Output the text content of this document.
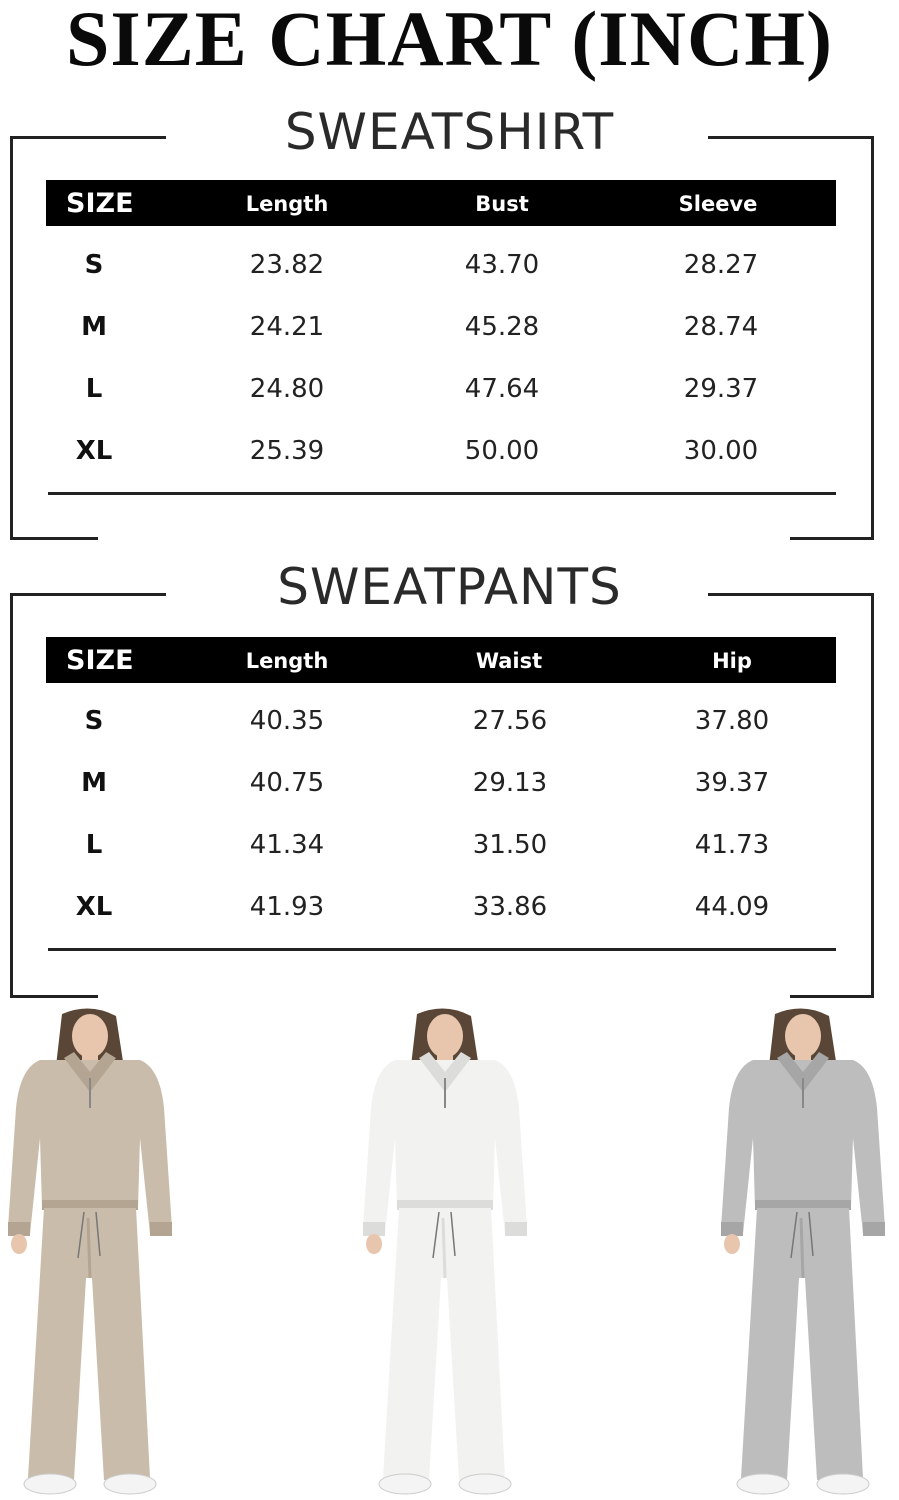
SIZE CHART (INCH)
SWEATSHIRT
SIZE	Length	Bust	Sleeve
S	23.82	43.70	28.27
M	24.21	45.28	28.74
L	24.80	47.64	29.37
XL	25.39	50.00	30.00
SWEATPANTS
SIZE	Length	Waist	Hip
S	40.35	27.56	37.80
M	40.75	29.13	39.37
L	41.34	31.50	41.73
XL	41.93	33.86	44.09
